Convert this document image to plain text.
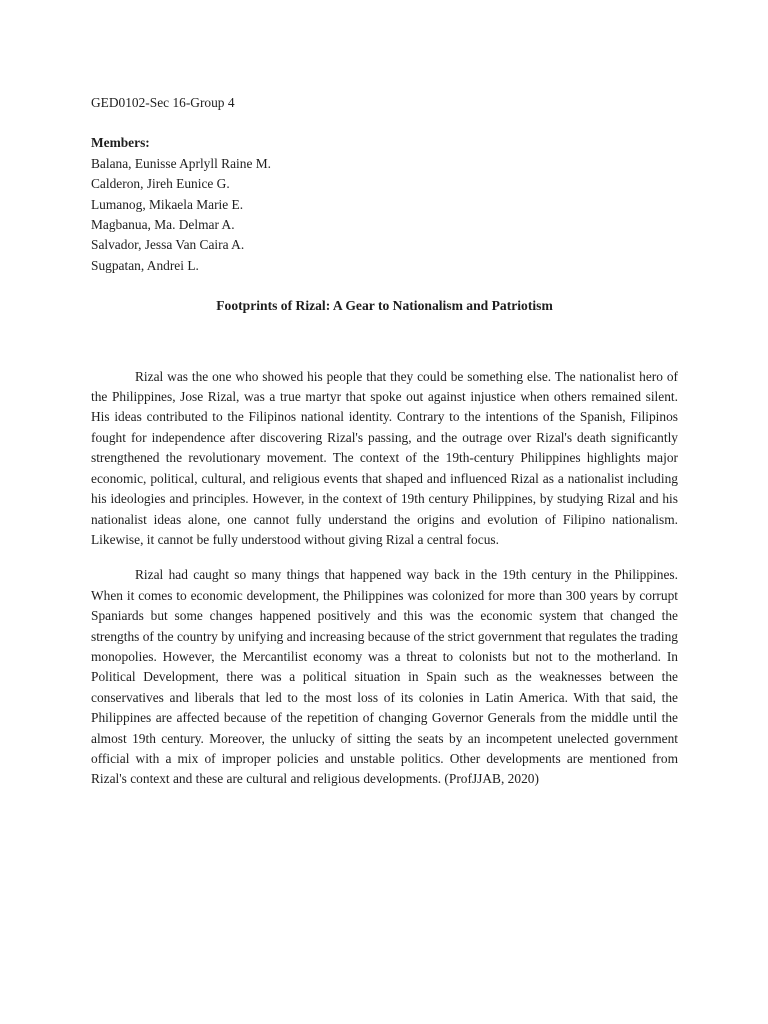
GED0102-Sec 16-Group 4

Members:

Balana, Eunisse Aprlyll Raine M.
Calderon, Jireh Eunice G.
Lumanog, Mikaela Marie E.
Magbanua, Ma. Delmar A.
Salvador, Jessa Van Caira A.
Sugpatan, Andrei L.

Footprints of Rizal: A Gear to Nationalism and Patriotism

Rizal was the one who showed his people that they could be something else. The nationalist hero of the Philippines, Jose Rizal, was a true martyr that spoke out against injustice when others remained silent. His ideas contributed to the Filipinos national identity. Contrary to the intentions of the Spanish, Filipinos fought for independence after discovering Rizal's passing, and the outrage over Rizal's death significantly strengthened the revolutionary movement. The context of the 19th-century Philippines highlights major economic, political, cultural, and religious events that shaped and influenced Rizal as a nationalist including his ideologies and principles. However, in the context of 19th century Philippines, by studying Rizal and his nationalist ideas alone, one cannot fully understand the origins and evolution of Filipino nationalism. Likewise, it cannot be fully understood without giving Rizal a central focus.

Rizal had caught so many things that happened way back in the 19th century in the Philippines. When it comes to economic development, the Philippines was colonized for more than 300 years by corrupt Spaniards but some changes happened positively and this was the economic system that changed the strengths of the country by unifying and increasing because of the strict government that regulates the trading monopolies. However, the Mercantilist economy was a threat to colonists but not to the motherland. In Political Development, there was a political situation in Spain such as the weaknesses between the conservatives and liberals that led to the most loss of its colonies in Latin America. With that said, the Philippines are affected because of the repetition of changing Governor Generals from the middle until the almost 19th century. Moreover, the unlucky of sitting the seats by an incompetent unelected government official with a mix of improper policies and unstable politics. Other developments are mentioned from Rizal's context and these are cultural and religious developments. (ProfJJAB, 2020)
